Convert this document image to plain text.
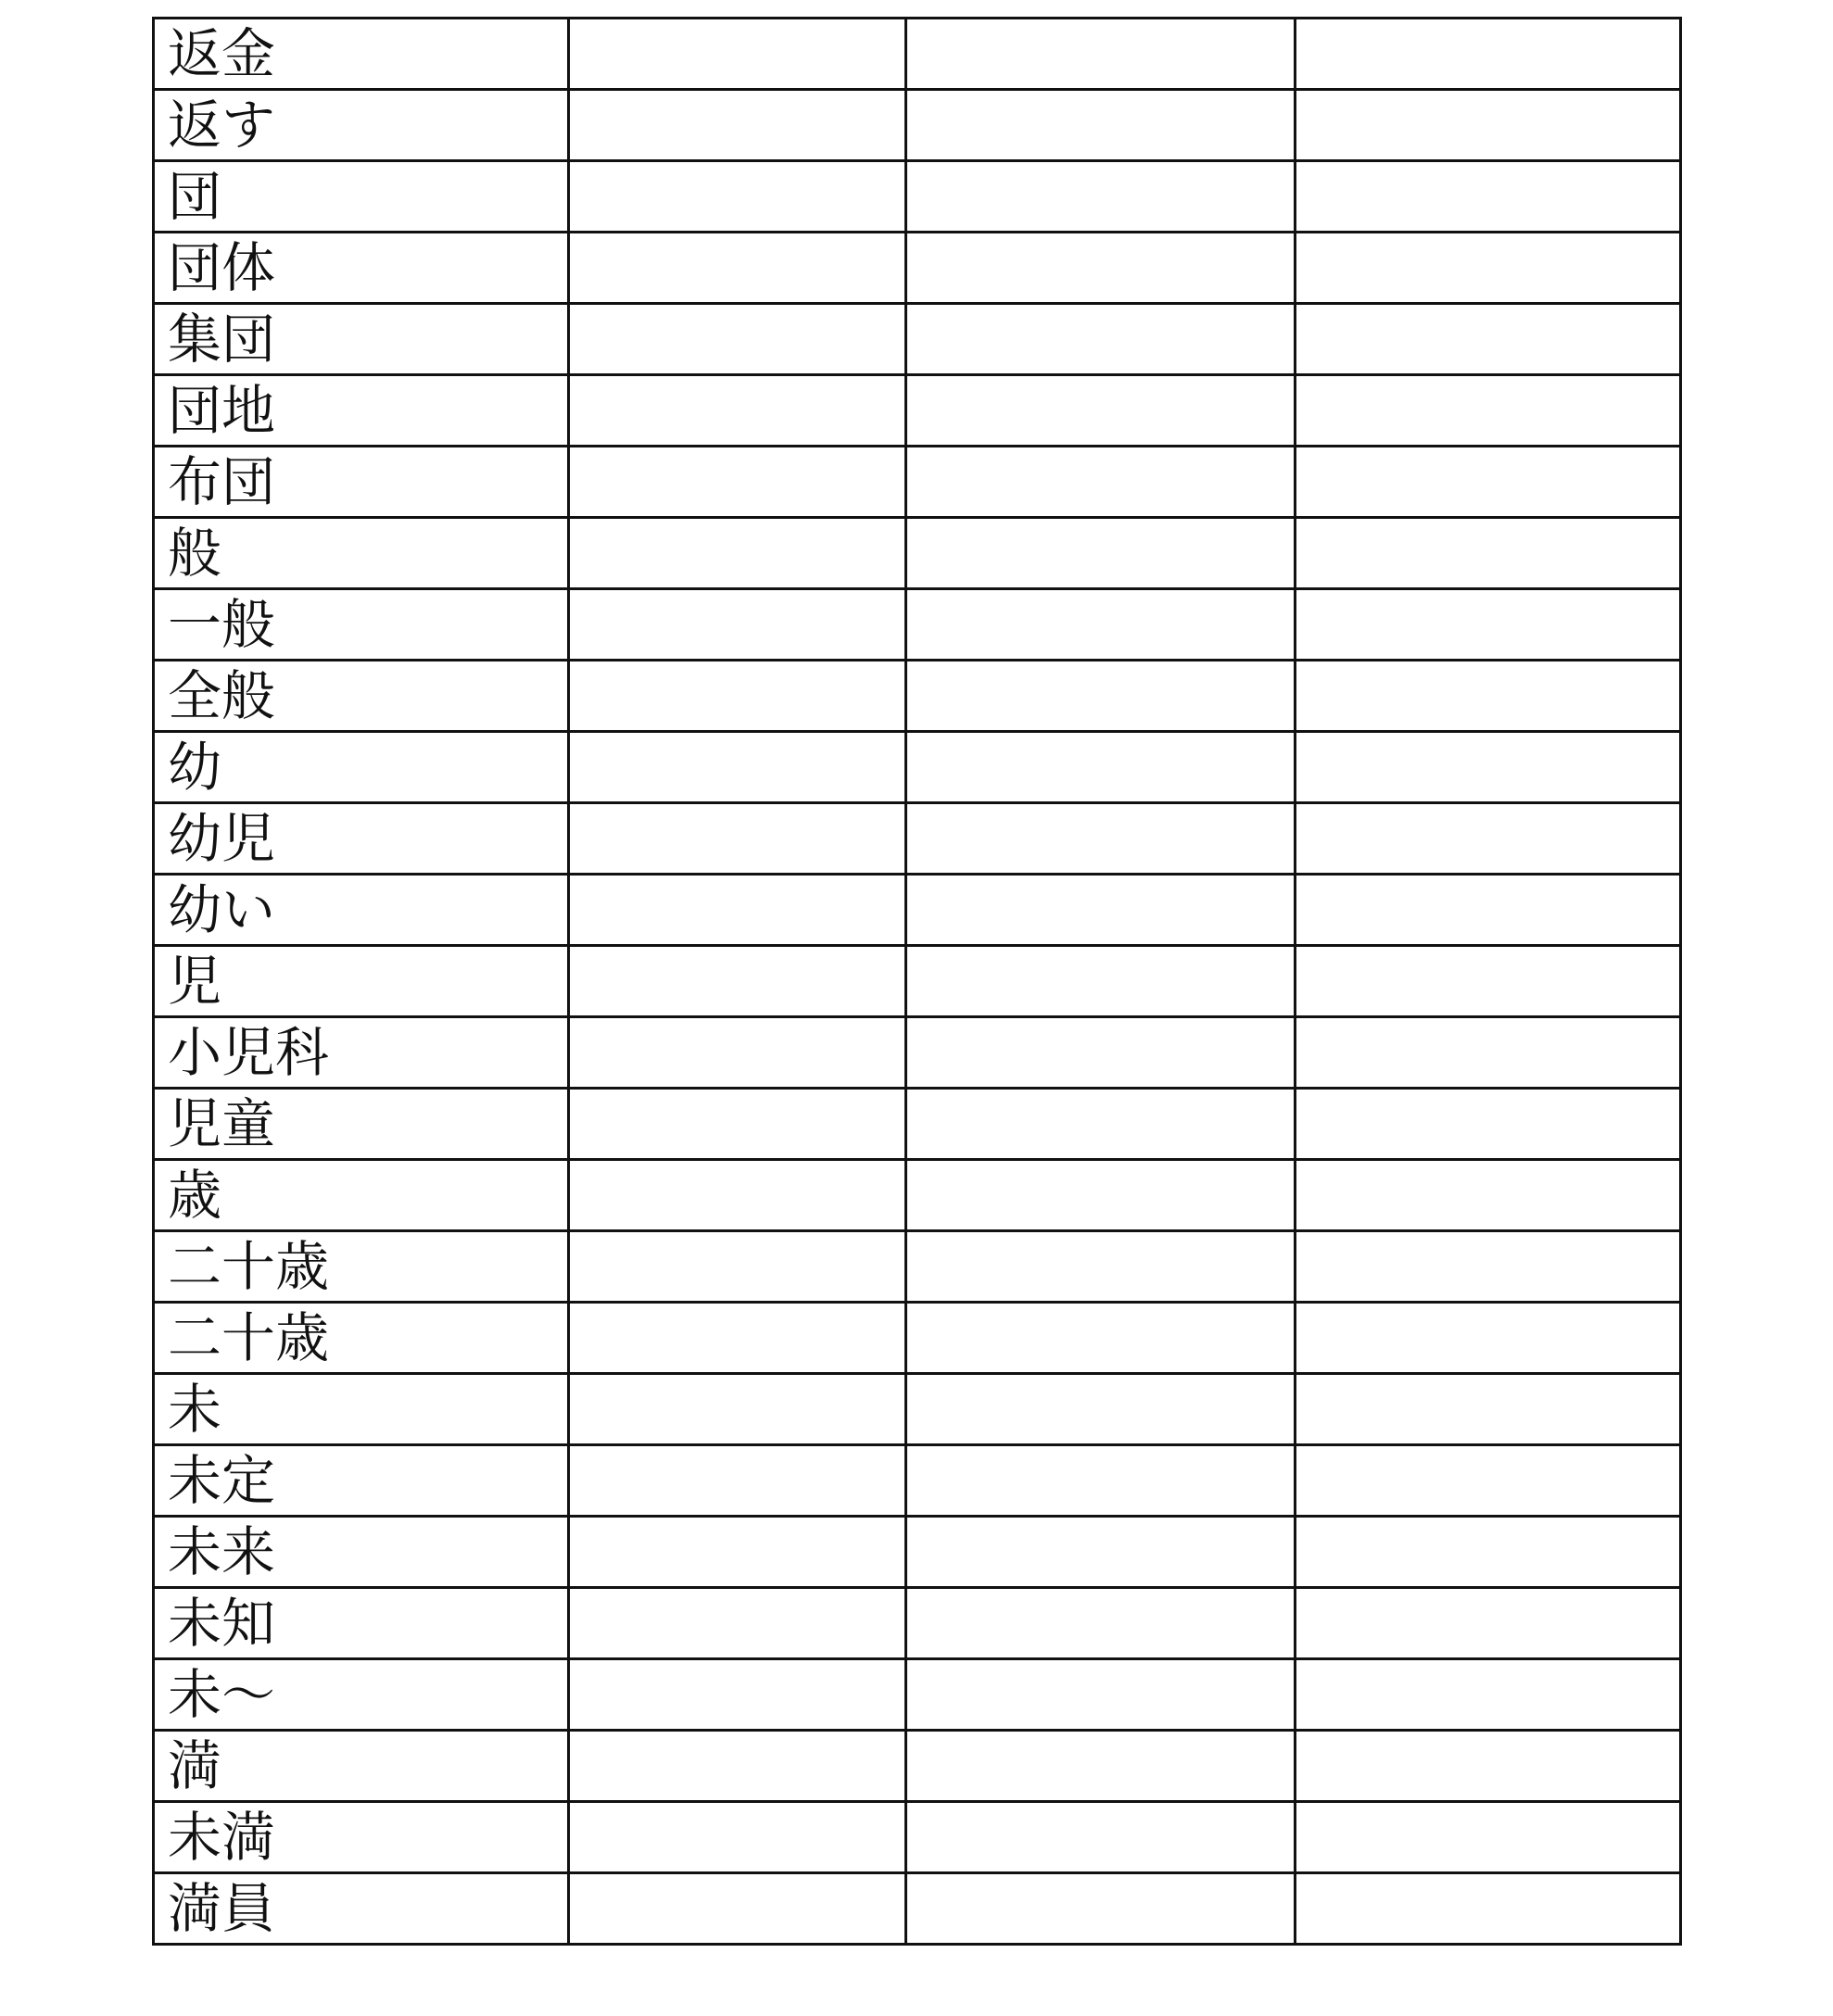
返金			

返す			

団			

団体			

集団			

団地			

布団			

般			

一般			

全般			

幼			

幼児			

幼い			

児			

小児科			

児童			

歳			

二十歳			

二十歳			

未			

未定			

未来			

未知			

未〜			

満			

未満			

満員			
